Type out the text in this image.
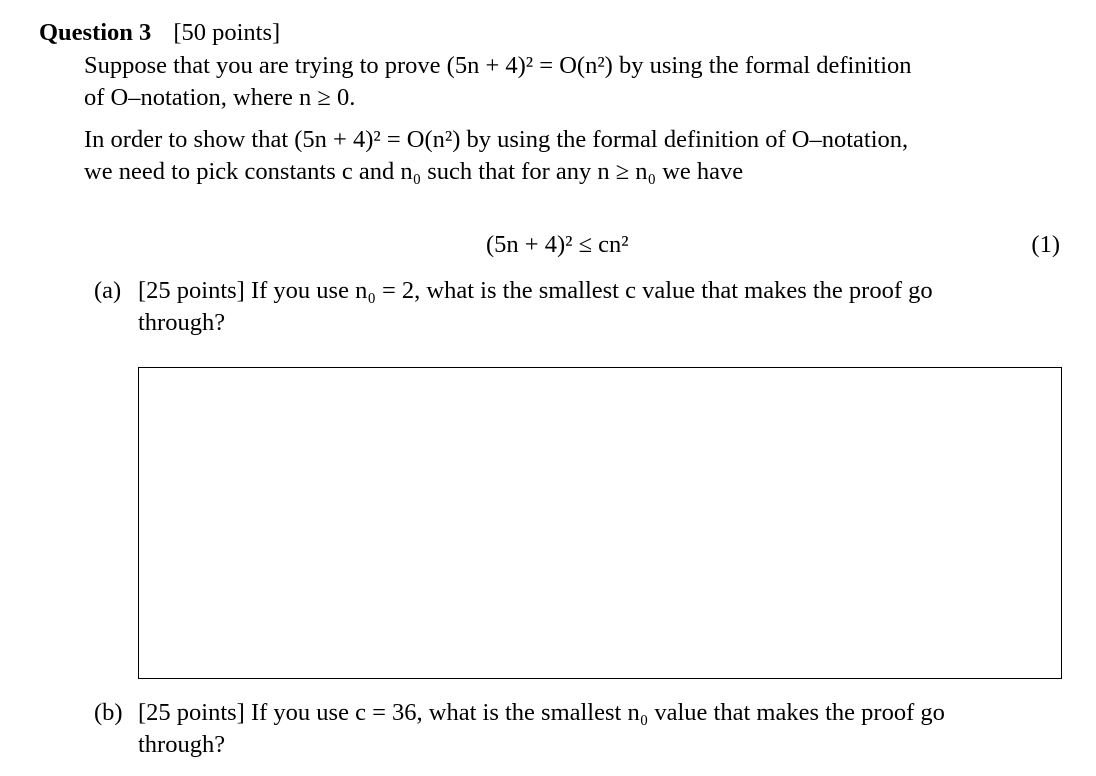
Question 3 [50 points]
Suppose that you are trying to prove (5n + 4)² = O(n²) by using the formal definition
of O–notation, where n ≥ 0.
In order to show that (5n + 4)² = O(n²) by using the formal definition of O–notation,
we need to pick constants c and n₀ such that for any n ≥ n₀ we have
(5n + 4)² ≤ cn²	(1)
(a) [25 points] If you use n₀ = 2, what is the smallest c value that makes the proof go
through?
(b) [25 points] If you use c = 36, what is the smallest n₀ value that makes the proof go
through?
